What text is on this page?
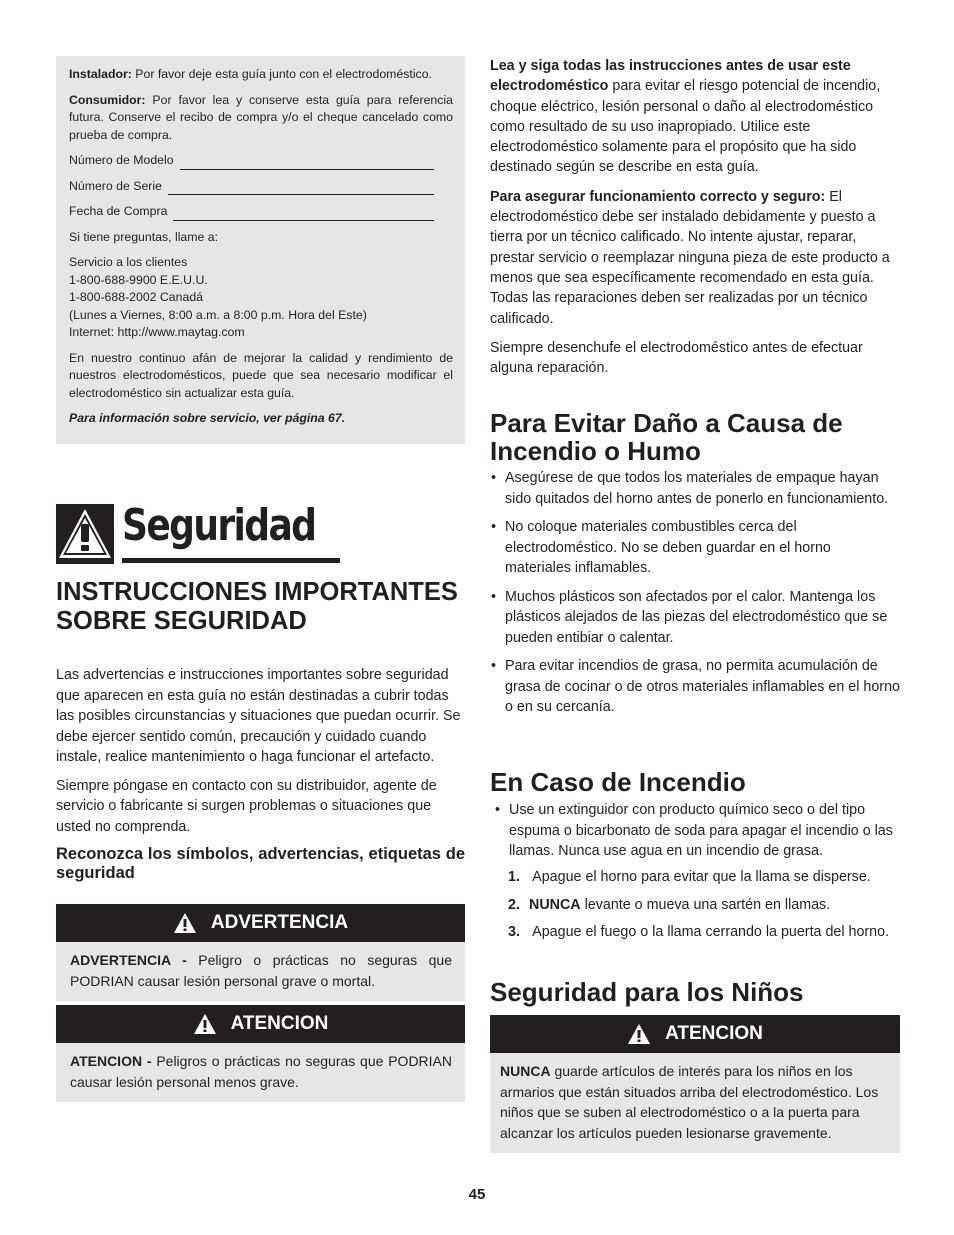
Instalador: Por favor deje esta guía junto con el electrodoméstico.

Consumidor: Por favor lea y conserve esta guía para referencia futura. Conserve el recibo de compra y/o el cheque cancelado como prueba de compra.

Número de Modelo
Número de Serie
Fecha de Compra

Si tiene preguntas, llame a:

Servicio a los clientes
1-800-688-9900 E.E.U.U.
1-800-688-2002 Canadá
(Lunes a Viernes, 8:00 a.m. a 8:00 p.m. Hora del Este)
Internet: http://www.maytag.com

En nuestro continuo afán de mejorar la calidad y rendimiento de nuestros electrodomésticos, puede que sea necesario modificar el electrodoméstico sin actualizar esta guía.

Para información sobre servicio, ver página 67.

Seguridad
INSTRUCCIONES IMPORTANTES SOBRE SEGURIDAD

Las advertencias e instrucciones importantes sobre seguridad que aparecen en esta guía no están destinadas a cubrir todas las posibles circunstancias y situaciones que puedan ocurrir. Se debe ejercer sentido común, precaución y cuidado cuando instale, realice mantenimiento o haga funcionar el artefacto.

Siempre póngase en contacto con su distribuidor, agente de servicio o fabricante si surgen problemas o situaciones que usted no comprenda.

Reconozca los símbolos, advertencias, etiquetas de seguridad
ADVERTENCIA
ADVERTENCIA - Peligro o prácticas no seguras que PODRIAN causar lesión personal grave o mortal.
ATENCION
ATENCION - Peligros o prácticas no seguras que PODRIAN causar lesión personal menos grave.

Lea y siga todas las instrucciones antes de usar este electrodoméstico para evitar el riesgo potencial de incendio, choque eléctrico, lesión personal o daño al electrodoméstico como resultado de su uso inapropiado. Utilice este electrodoméstico solamente para el propósito que ha sido destinado según se describe en esta guía.

Para asegurar funcionamiento correcto y seguro: El electrodoméstico debe ser instalado debidamente y puesto a tierra por un técnico calificado. No intente ajustar, reparar, prestar servicio o reemplazar ninguna pieza de este producto a menos que sea específicamente recomendado en esta guía. Todas las reparaciones deben ser realizadas por un técnico calificado.

Siempre desenchufe el electrodoméstico antes de efectuar alguna reparación.

Para Evitar Daño a Causa de Incendio o Humo
• Asegúrese de que todos los materiales de empaque hayan sido quitados del horno antes de ponerlo en funcionamiento.
• No coloque materiales combustibles cerca del electrodoméstico. No se deben guardar en el horno materiales inflamables.
• Muchos plásticos son afectados por el calor. Mantenga los plásticos alejados de las piezas del electrodoméstico que se pueden entibiar o calentar.
• Para evitar incendios de grasa, no permita acumulación de grasa de cocinar o de otros materiales inflamables en el horno o en su cercanía.
En Caso de Incendio
• Use un extinguidor con producto químico seco o del tipo espuma o bicarbonato de soda para apagar el incendio o las llamas. Nunca use agua en un incendio de grasa.
1. Apague el horno para evitar que la llama se disperse.
2. NUNCA levante o mueva una sartén en llamas.
3. Apague el fuego o la llama cerrando la puerta del horno.
Seguridad para los Niños
ATENCION
NUNCA guarde artículos de interés para los niños en los armarios que están situados arriba del electrodoméstico. Los niños que se suben al electrodoméstico o a la puerta para alcanzar los artículos pueden lesionarse gravemente.
45
